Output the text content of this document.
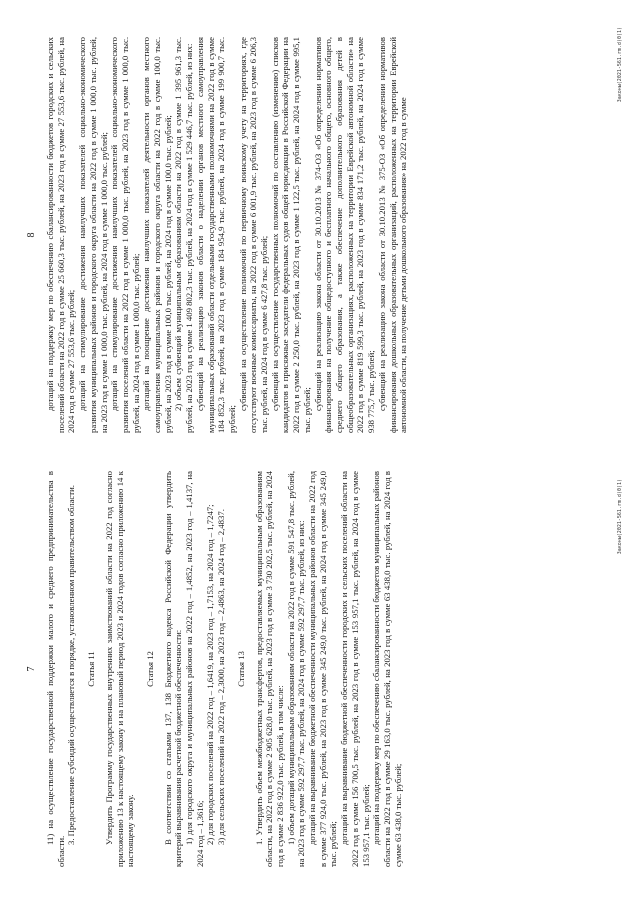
7 11) на осуществление государственной поддержки малого и среднего предпринимательства в области.

3. Предоставление субсидий осуществляется в порядке, установленном правительством области. Статья 11 Утвердить Программу государственных внутренних заимствований области на 2022 год согласно приложению 13 к настоящему закону и на плановый период 2023 и 2024 годов согласно приложению 14 к настоящему закону.

Статья 12 В соответствии со статьями 137, 138 Бюджетного кодекса Российской Федерации утвердить критерий выравнивания расчетной бюджетной обеспеченности: 1) для городского округа и муниципальных районов на 2022 год – 1,4852, на 2023 год – 1,4137, на 2024 год – 1,3616; 2) для городских поселений на 2022 год – 1,6419, на 2023 год – 1,7153, на 2024 год – 1,7247; 3) для сельских поселений на 2022 год – 2,3000, на 2023 год – 2,4863, на 2024 год – 2,4837. Статья 13 1. Утвердить объем межбюджетных трансфертов, предоставляемых муниципальным образованиям области, на 2022 год в сумме 2 905 628,0 тыс. рублей, на 2023 год в сумме 3 730 202,5 тыс. рублей, на 2024 год в сумме 2 836 922,0 тыс. рублей, в том числе: 1) объем дотаций муниципальным образованиям области на 2022 год в сумме 591 547,8 тыс. рублей, на 2023 год в сумме 592 297,7 тыс. рублей, на 2024 год в сумме 592 297,7 тыс. рублей, из них: дотаций на выравнивание бюджетной обеспеченности муниципальных районов области на 2022 год в сумме 377 924,0 тыс. рублей, на 2023 год в сумме 345 249,0 тыс. рублей, на 2024 год в сумме 345 249,0 тыс. рублей; дотаций на выравнивание бюджетной обеспеченности городских и сельских поселений области на 2022 год в сумме 156 700,5 тыс. рублей, на 2023 год в сумме 153 957,1 тыс. рублей, на 2024 год в сумме 153 957,1 тыс. рублей; дотаций на поддержку мер по обеспечению сбалансированности бюджетов муниципальных районов области на 2022 год в сумме 29 163,0 тыс. рублей, на 2023 год в сумме 63 438,0 тыс. рублей, на 2024 год в сумме 63 438,0 тыс. рублей;

Законы(2021-561.rm.d)0(1)
8 дотаций на поддержку мер по обеспечению сбалансированности бюджетов городских и сельских поселений области на 2022 год в сумме 25 660,3 тыс. рублей, на 2023 год в сумме 27 553,6 тыс. рублей, на 2024 год в сумме 27 553,6 тыс. рублей; дотаций на стимулирование достижения наилучших показателей социально-экономического развития муниципальных районов и городского округа области на 2022 год в сумме 1 000,0 тыс. рублей, на 2023 год в сумме 1 000,0 тыс. рублей, на 2024 год в сумме 1 000,0 тыс. рублей; дотаций на стимулирование достижения наилучших показателей социально-экономического развития поселений области на 2022 год в сумме 1 000,0 тыс. рублей, на 2023 год в сумме 1 000,0 тыс. рублей, на 2024 год в сумме 1 000,0 тыс. рублей; дотаций на поощрение достижения наилучших показателей деятельности органов местного самоуправления муниципальных районов и городского округа области на 2022 год в сумме 100,0 тыс. рублей, на 2023 год в сумме 100,0 тыс. рублей, на 2024 год в сумме 100,0 тыс. рублей; 2) объем субвенций муниципальным образованиям области на 2022 год в сумме 1 395 961,3 тыс. рублей, на 2023 год в сумме 1 409 802,3 тыс. рублей, на 2024 год в сумме 1 529 446,7 тыс. рублей, из них: субвенций на реализацию законов области о наделении органов местного самоуправления муниципальных образований области отдельными государственными полномочиями на 2022 год в сумме 184 852,3 тыс. рублей, на 2023 год в сумме 184 954,9 тыс. рублей, на 2024 год в сумме 199 900,7 тыс. рублей;

субвенций на осуществление полномочий по первичному воинскому учету на территориях, где отсутствуют военные комиссариаты, на 2022 год в сумме 6 001,9 тыс. рублей, на 2023 год в сумме 6 206,3 тыс. рублей, на 2024 год в сумме 6 427,8 тыс. рублей; субвенций на осуществление государственных полномочий по составлению (изменению) списков кандидатов в присяжные заседатели федеральных судов общей юрисдикции в Российской Федерации на 2022 год в сумме 2 250,0 тыс. рублей, на 2023 год в сумме 1 122,5 тыс. рублей, на 2024 год в сумме 995,1 тыс. рублей; субвенций на реализацию закона области от 30.10.2013 № 374-ОЗ «Об определении нормативов финансирования на получение общедоступного и бесплатного начального общего, основного общего, среднего общего образования, а также обеспечение дополнительного образования детей в общеобразовательных организациях, расположенных на территории Еврейской автономной области» на 2022 год в сумме 819 599,3 тыс. рублей, на 2023 год в сумме 834 171,2 тыс. рублей, на 2024 год в сумме 938 775,7 тыс. рублей; субвенций на реализацию закона области от 30.10.2013 № 375-ОЗ «Об определении нормативов финансирования дошкольных образовательных организаций, расположенных на территории Еврейской автономной области, на получение детьми дошкольного образования» на 2022 год в сумме

Законы(2021-561.rm.d)0(1)
